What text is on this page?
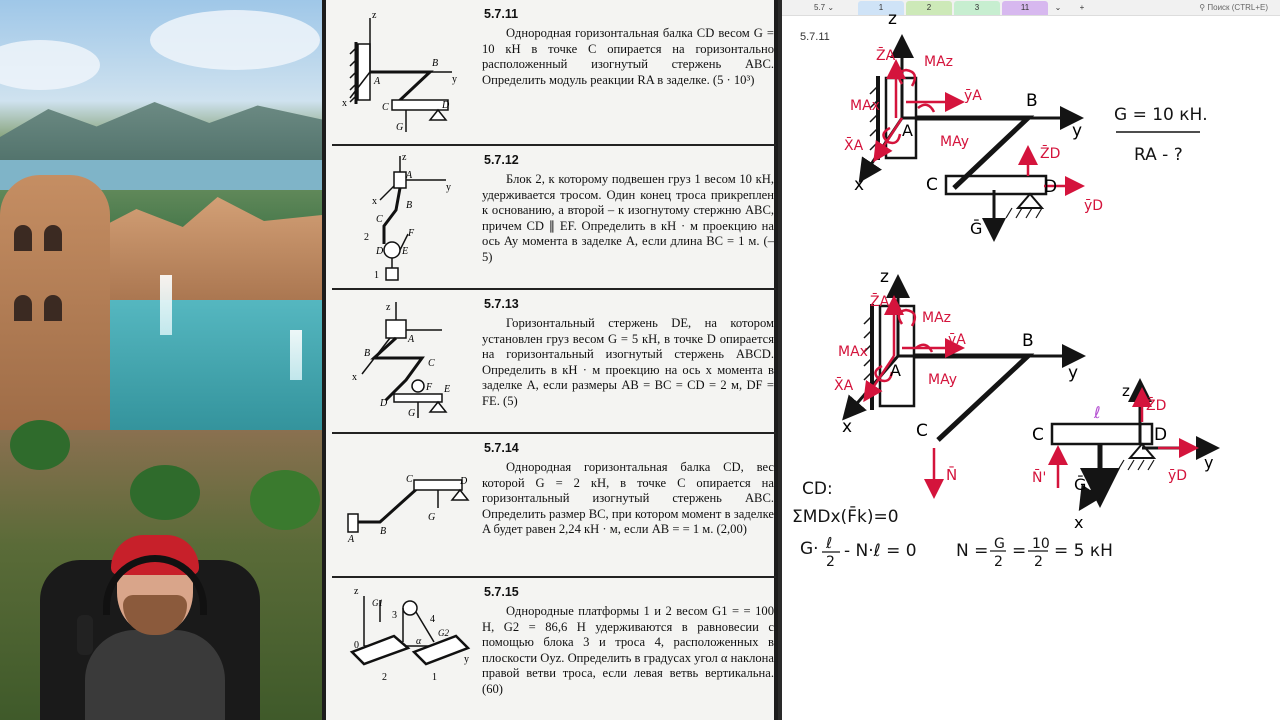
z
A
B
y
x	C	D
G
5.7.11
Однородная горизонтальная балка CD весом G = 10 кН в точке C опирается на горизонтально расположенный изогнутый стержень ABC. Определить модуль реакции RA в заделке. (5 · 10³)
z
A
y
x	B
C
2
D E
F
1
5.7.12
Блок 2, к которому подвешен груз 1 весом 10 кН, удерживается тросом. Один конец троса прикреплен к основанию, а второй – к изогнутому стержню ABC, причем CD ∥ EF. Определить в кН · м проекцию на ось Ay момента в заделке A, если длина BC = 1 м. (–5)
z
A
B
C
E
F
D
G
x
5.7.13
Горизонтальный стержень DE, на котором установлен груз весом G = 5 кН, в точке D опирается на горизонтальный изогнутый стержень ABCD. Определить в кН · м проекцию на ось x момента в заделке A, если размеры AB = BC = CD = 2 м, DF = FE. (5)
C	D
G
A
B
5.7.14
Однородная горизонтальная балка CD, вес которой G = 2 кН, в точке C опирается на горизонтальный изогнутый стержень ABC. Определить размер BC, при котором момент в заделке A будет равен 2,24 кН · м, если AB = = 1 м. (2,00)
z
G1
3	4
G2
0
2
α
y
1
5.7.15
Однородные платформы 1 и 2 весом G1 = = 100 Н, G2 = 86,6 Н удерживаются в равновесии с помощью блока 3 и троса 4, расположенных в плоскости Oyz. Определить в градусах угол α наклона правой ветви троса, если левая ветвь вертикальна. (60)
5.7 ⌄	1	2	3	11	⌄	+	⚲ Поиск (CTRL+E)
5.7.11
z
y
x
A
B
C	D
Z̄A MAz
ȳA
MAx
X̄A	MAy
Z̄D
ȳD
Ḡ
G = 10 кН.
RA - ?
z
y
x
A
B
C
Z̄A
MAz
ȳA
MAx
X̄A	MAy
N̄
C	D
ℓ
z
Z̄D
N̄' Ḡ	ȳD
y
x
CD:
ΣMDx(F̄k)=0
G· ℓ
2
- N·ℓ = 0 N = G
2
= 10
2
= 5 кН
